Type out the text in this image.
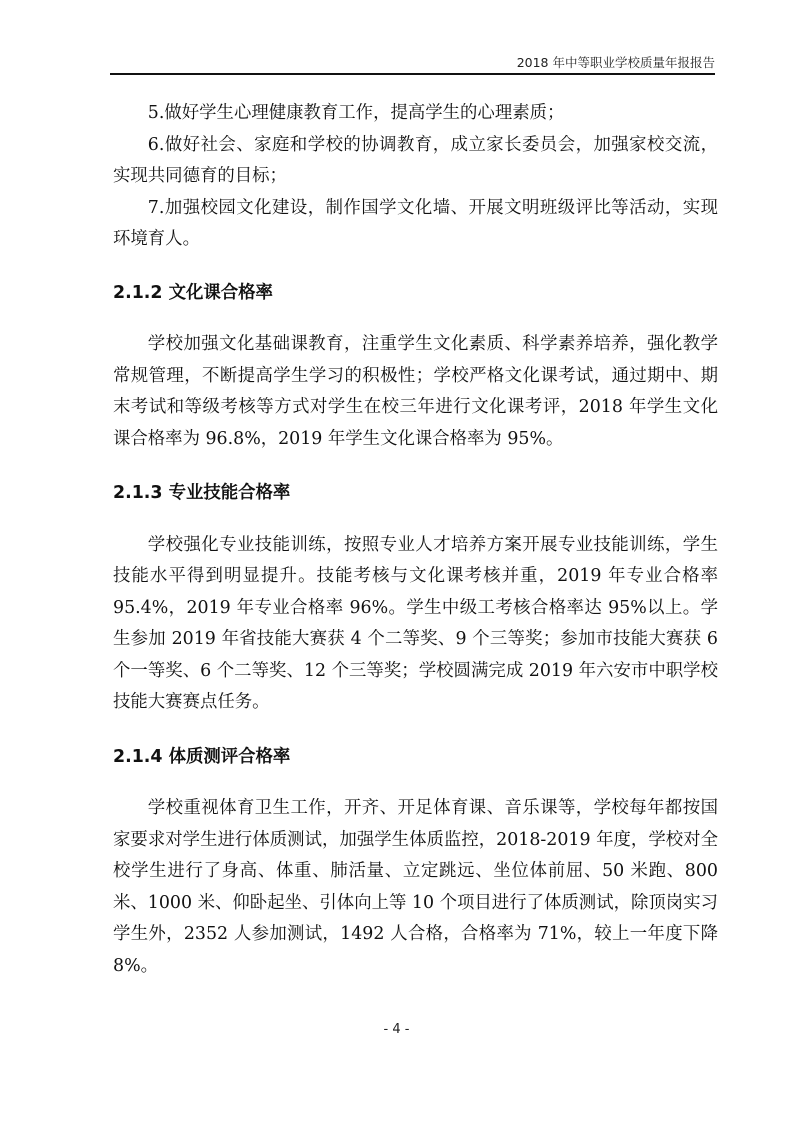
2018 年中等职业学校质量年报报告

5.做好学生心理健康教育工作，提高学生的心理素质；

6.做好社会、家庭和学校的协调教育，成立家长委员会，加强家校交流，实现共同德育的目标；

7.加强校园文化建设，制作国学文化墙、开展文明班级评比等活动，实现环境育人。

2.1.2 文化课合格率

学校加强文化基础课教育，注重学生文化素质、科学素养培养，强化教学常规管理，不断提高学生学习的积极性；学校严格文化课考试，通过期中、期末考试和等级考核等方式对学生在校三年进行文化课考评，2018 年学生文化课合格率为 96.8%，2019 年学生文化课合格率为 95%。

2.1.3 专业技能合格率

学校强化专业技能训练，按照专业人才培养方案开展专业技能训练，学生技能水平得到明显提升。技能考核与文化课考核并重，2019 年专业合格率 95.4%，2019 年专业合格率 96%。学生中级工考核合格率达 95%以上。学生参加 2019 年省技能大赛获 4 个二等奖、9 个三等奖；参加市技能大赛获 6 个一等奖、6 个二等奖、12 个三等奖；学校圆满完成 2019 年六安市中职学校技能大赛赛点任务。

2.1.4 体质测评合格率

学校重视体育卫生工作，开齐、开足体育课、音乐课等，学校每年都按国家要求对学生进行体质测试，加强学生体质监控，2018-2019 年度，学校对全校学生进行了身高、体重、肺活量、立定跳远、坐位体前屈、50 米跑、800 米、1000 米、仰卧起坐、引体向上等 10 个项目进行了体质测试，除顶岗实习学生外，2352 人参加测试，1492 人合格，合格率为 71%，较上一年度下降 8%。

- 4 -
